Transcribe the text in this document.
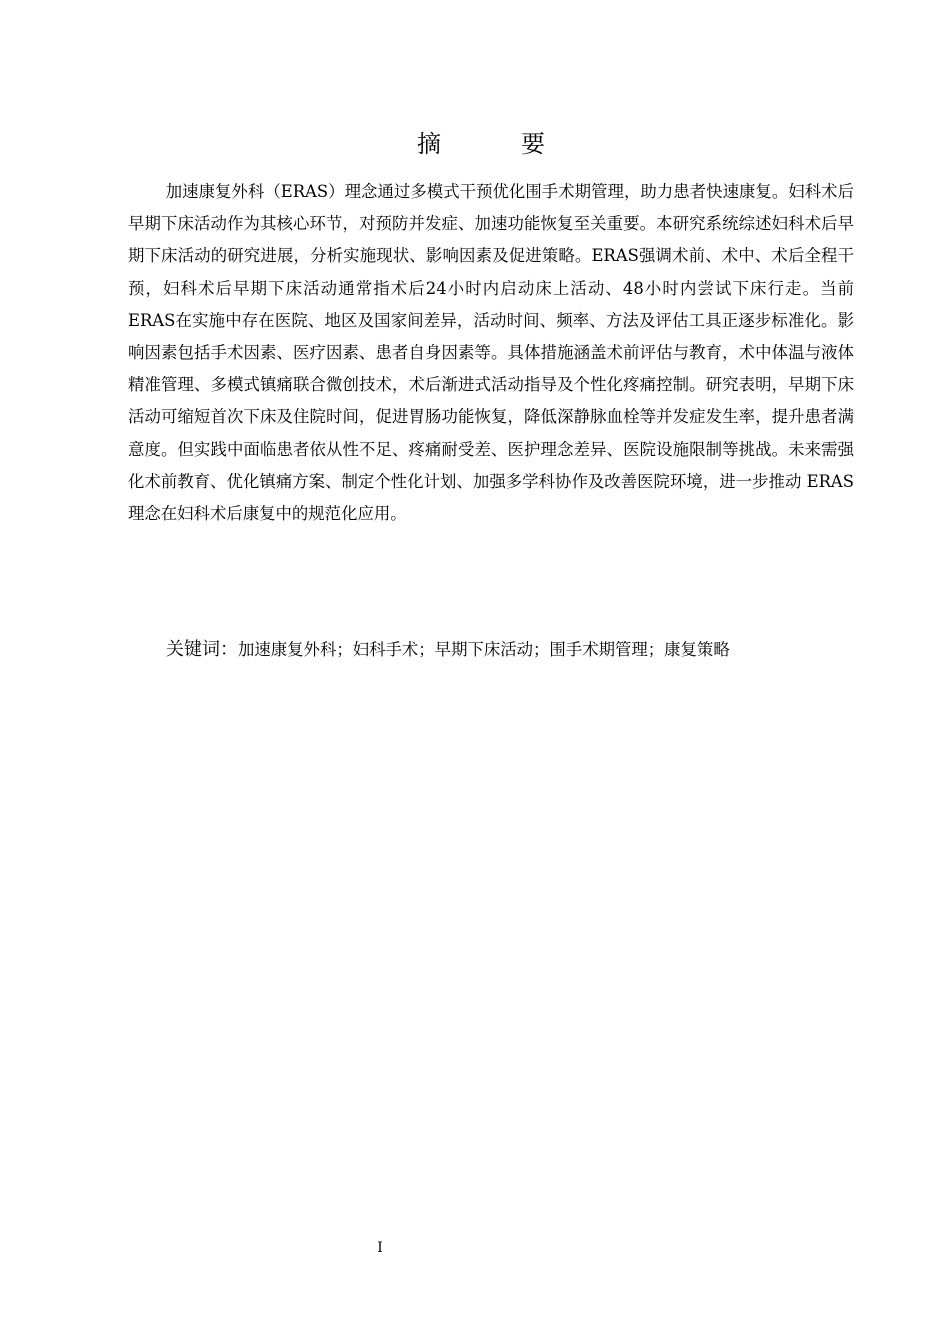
摘　要

加速康复外科（ERAS）理念通过多模式干预优化围手术期管理，助力患者快速康复。妇科术后早期下床活动作为其核心环节，对预防并发症、加速功能恢复至关重要。本研究系统综述妇科术后早期下床活动的研究进展，分析实施现状、影响因素及促进策略。ERAS强调术前、术中、术后全程干预，妇科术后早期下床活动通常指术后24小时内启动床上活动、48小时内尝试下床行走。当前ERAS在实施中存在医院、地区及国家间差异，活动时间、频率、方法及评估工具正逐步标准化。影响因素包括手术因素、医疗因素、患者自身因素等。具体措施涵盖术前评估与教育，术中体温与液体精准管理、多模式镇痛联合微创技术，术后渐进式活动指导及个性化疼痛控制。研究表明，早期下床活动可缩短首次下床及住院时间，促进胃肠功能恢复，降低深静脉血栓等并发症发生率，提升患者满意度。但实践中面临患者依从性不足、疼痛耐受差、医护理念差异、医院设施限制等挑战。未来需强化术前教育、优化镇痛方案、制定个性化计划、加强多学科协作及改善医院环境，进一步推动 ERAS 理念在妇科术后康复中的规范化应用。

关键词：加速康复外科；妇科手术；早期下床活动；围手术期管理；康复策略
I
